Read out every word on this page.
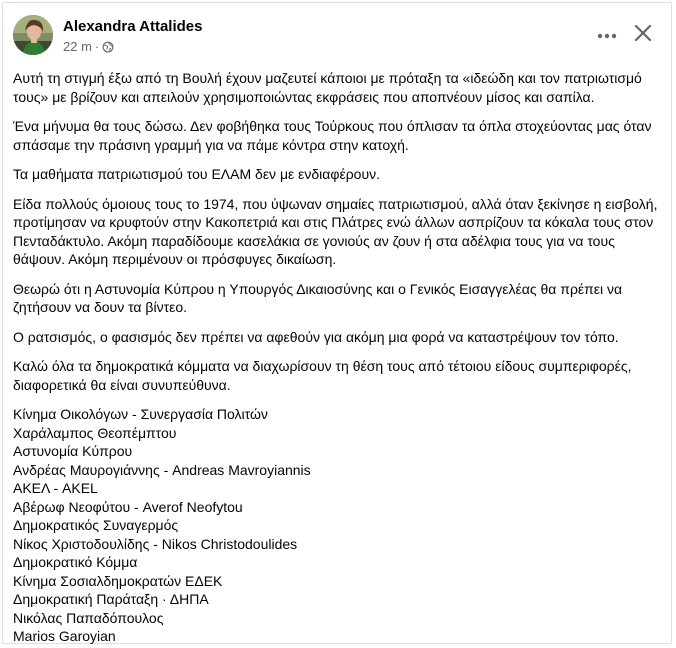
Alexandra Attalides
22 m ·

Αυτή τη στιγμή έξω από τη Βουλή έχουν μαζευτεί κάποιοι με πρόταξη τα «ιδεώδη και τον πατριωτισμό τους» με βρίζουν και απειλούν χρησιμοποιώντας εκφράσεις που αποπνέουν μίσος και σαπίλα.

Ένα μήνυμα θα τους δώσω. Δεν φοβήθηκα τους Τούρκους που όπλισαν τα όπλα στοχεύοντας μας όταν σπάσαμε την πράσινη γραμμή για να πάμε κόντρα στην κατοχή.

Τα μαθήματα πατριωτισμού του ΕΛΑΜ δεν με ενδιαφέρουν.

Είδα πολλούς όμοιους τους το 1974, που ύψωναν σημαίες πατριωτισμού, αλλά όταν ξεκίνησε η εισβολή, προτίμησαν να κρυφτούν στην Κακοπετριά και στις Πλάτρες ενώ άλλων ασπρίζουν τα κόκαλα τους στον Πενταδάκτυλο. Ακόμη παραδίδουμε κασελάκια σε γονιούς αν ζουν ή στα αδέλφια τους για να τους θάψουν. Ακόμη περιμένουν οι πρόσφυγες δικαίωση.

Θεωρώ ότι η Αστυνομία Κύπρου η Υπουργός Δικαιοσύνης και ο Γενικός Εισαγγελέας θα πρέπει να ζητήσουν να δουν τα βίντεο.

Ο ρατσισμός, ο φασισμός δεν πρέπει να αφεθούν για ακόμη μια φορά να καταστρέψουν τον τόπο.

Καλώ όλα τα δημοκρατικά κόμματα να διαχωρίσουν τη θέση τους από τέτοιου είδους συμπεριφορές, διαφορετικά θα είναι συνυπεύθυνα.

Κίνημα Οικολόγων - Συνεργασία Πολιτών
Χαράλαμπος Θεοπέμπτου
Αστυνομία Κύπρου
Ανδρέας Μαυρογιάννης - Andreas Mavroyiannis
ΑΚΕΛ - AKEL
Αβέρωφ Νεοφύτου - Averof Neofytou
Δημοκρατικός Συναγερμός
Νίκος Χριστοδουλίδης - Nikos Christodoulides
Δημοκρατικό Κόμμα
Κίνημα Σοσιαλδημοκρατών ΕΔΕΚ
Δημοκρατική Παράταξη · ΔΗΠΑ
Νικόλας Παπαδόπουλος
Marios Garoyian
